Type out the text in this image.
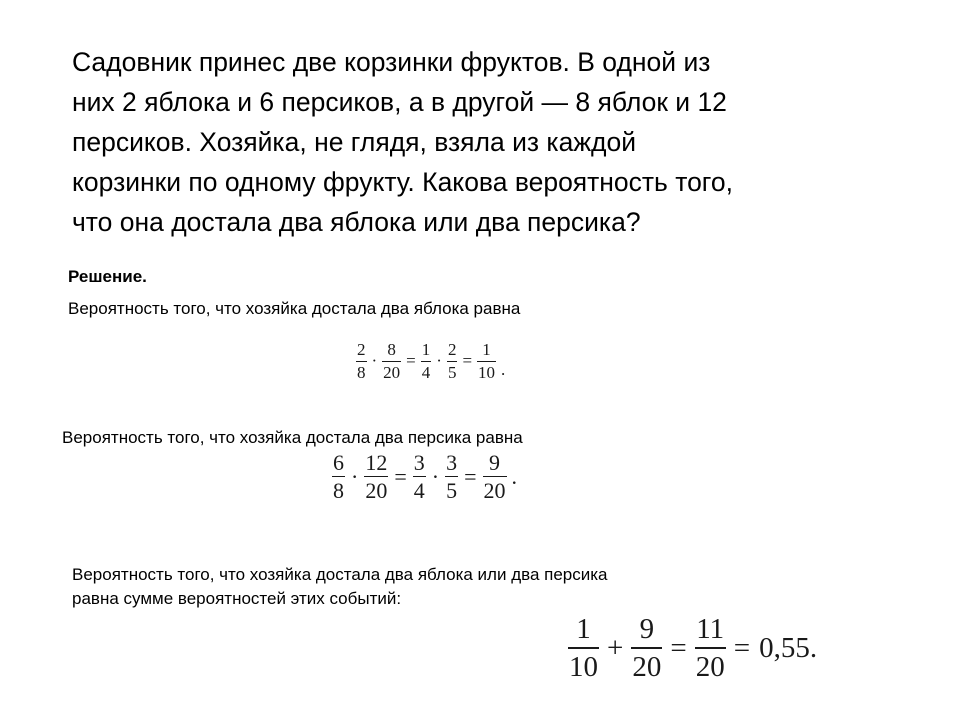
Садовник принес две корзинки фруктов. В одной из
них 2 яблока и 6 персиков, а в другой — 8 яблок и 12
персиков. Хозяйка, не глядя, взяла из каждой
корзинки по одному фрукту. Какова вероятность того,
что она достала два яблока или два персика?

Решение.

Вероятность того, что хозяйка достала два яблока равна
$\frac{2}{8} \cdot \frac{8}{20} = \frac{1}{4} \cdot \frac{2}{5} = \frac{1}{10}$ .
Вероятность того, что хозяйка достала два персика равна
$\frac{6}{8} \cdot \frac{12}{20} = \frac{3}{4} \cdot \frac{3}{5} = \frac{9}{20}$ .
Вероятность того, что хозяйка достала два яблока или два персика
равна сумме вероятностей этих событий:
$\frac{1}{10} + \frac{9}{20} = \frac{11}{20} = 0,55$.
